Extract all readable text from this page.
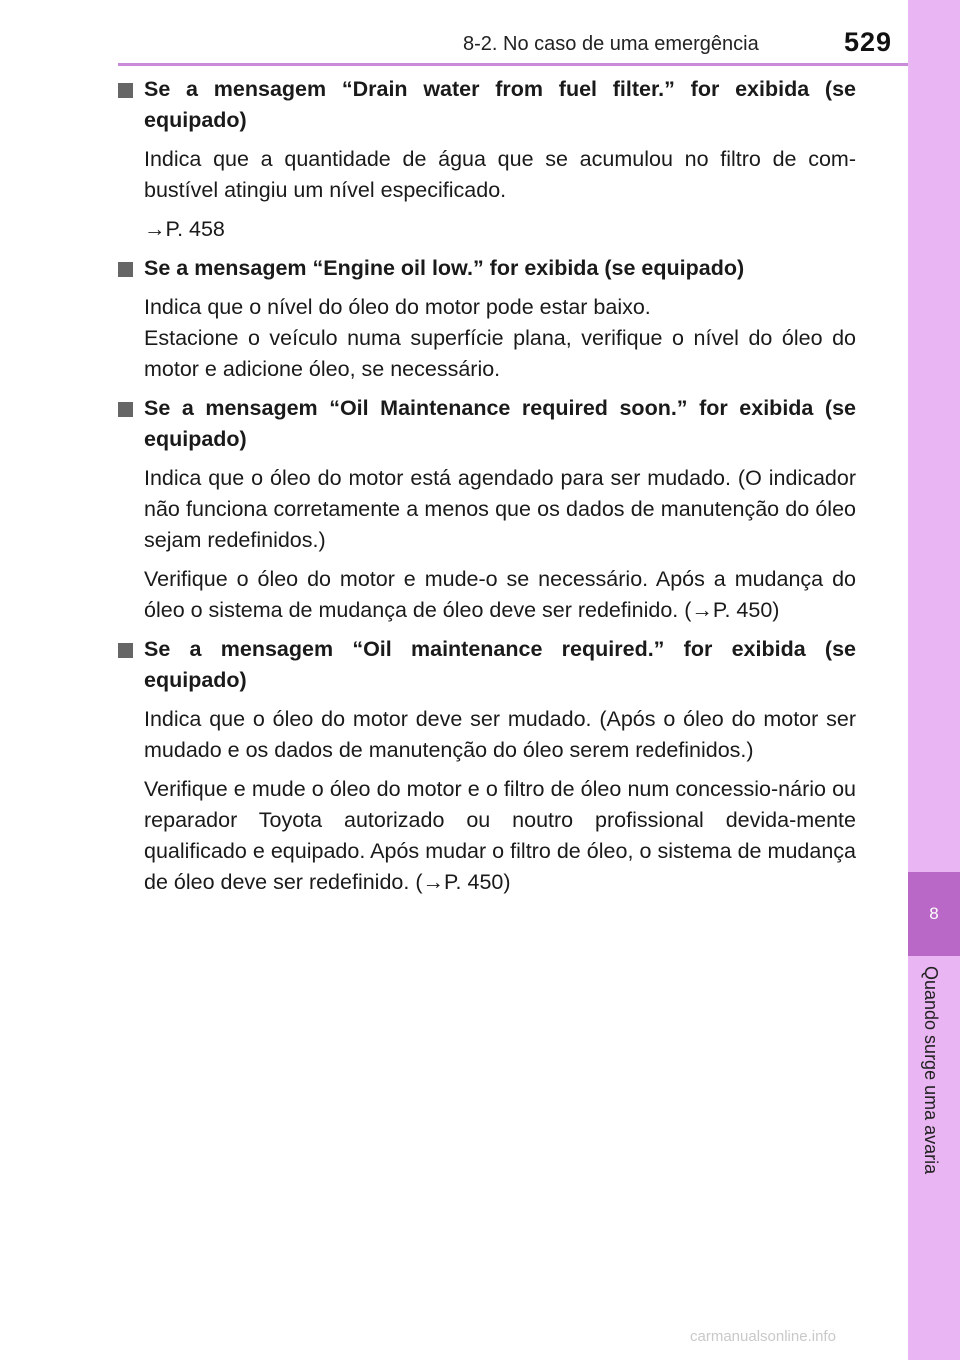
8-2. No caso de uma emergência	529
8
Quando surge uma avaria
Se a mensagem “Drain water from fuel filter.” for exibida (se equipado)
Indica que a quantidade de água que se acumulou no filtro de com-bustível atingiu um nível especificado.
→P. 458
Se a mensagem “Engine oil low.” for exibida (se equipado)
Indica que o nível do óleo do motor pode estar baixo.
Estacione o veículo numa superfície plana, verifique o nível do óleo do motor e adicione óleo, se necessário.
Se a mensagem “Oil Maintenance required soon.” for exibida (se equipado)
Indica que o óleo do motor está agendado para ser mudado. (O indicador não funciona corretamente a menos que os dados de manutenção do óleo sejam redefinidos.)
Verifique o óleo do motor e mude-o se necessário. Após a mudança do óleo o sistema de mudança de óleo deve ser redefinido. (→P. 450)
Se a mensagem “Oil maintenance required.” for exibida (se equipado)
Indica que o óleo do motor deve ser mudado. (Após o óleo do motor ser mudado e os dados de manutenção do óleo serem redefinidos.)
Verifique e mude o óleo do motor e o filtro de óleo num concessio-nário ou reparador Toyota autorizado ou noutro profissional devida-mente qualificado e equipado. Após mudar o filtro de óleo, o sistema de mudança de óleo deve ser redefinido. (→P. 450)
carmanualsonline.info
